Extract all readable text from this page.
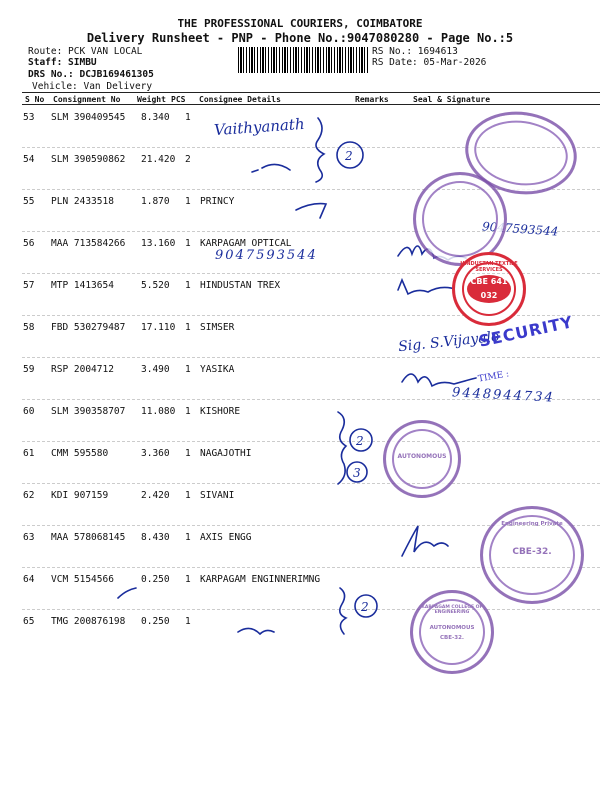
THE PROFESSIONAL COURIERS, COIMBATORE
Delivery Runsheet - PNP - Phone No.:9047080280 - Page No.:5
Route: PCK VAN LOCAL
Staff: SIMBU
DRS No.: DCJB169461305
Vehicle: Van Delivery
RS No.: 1694613
RS Date: 05-Mar-2026
S No Consignment No Weight PCS Consignee Details	Remarks	Seal & Signature
53 SLM 390409545 8.340 1
54 SLM 390590862 21.420 2
55 PLN 2433518	1.870 1 PRINCY
56 MAA 713584266 13.160 1 KARPAGAM OPTICAL
57 MTP 1413654	5.520 1 HINDUSTAN TREX
58 FBD 530279487 17.110 1 SIMSER
59 RSP 2004712	3.490 1 YASIKA
60 SLM 390358707 11.080 1 KISHORE
61 CMM 595580	3.360 1 NAGAJOTHI
62 KDI 907159	2.420 1 SIVANI
63 MAA 578068145 8.430 1 AXIS ENGG
64 VCM 5154566	0.250 1 KARPAGAM ENGINNERIMNG
65 TMG 200876198 0.250 1
Vaithyanath
9047593544
9047593544
Sig. S.Vijayalo
9448944734
TIME :
2
2
3
2
HINDUSTAN TEXTILE SERVICES
CBE 641 032
SECURITY
AUTONOMOUS
CBE-32.
Engineering Private
KARPAGAM COLLEGE OF ENGINEERING
AUTONOMOUS
CBE-32.
